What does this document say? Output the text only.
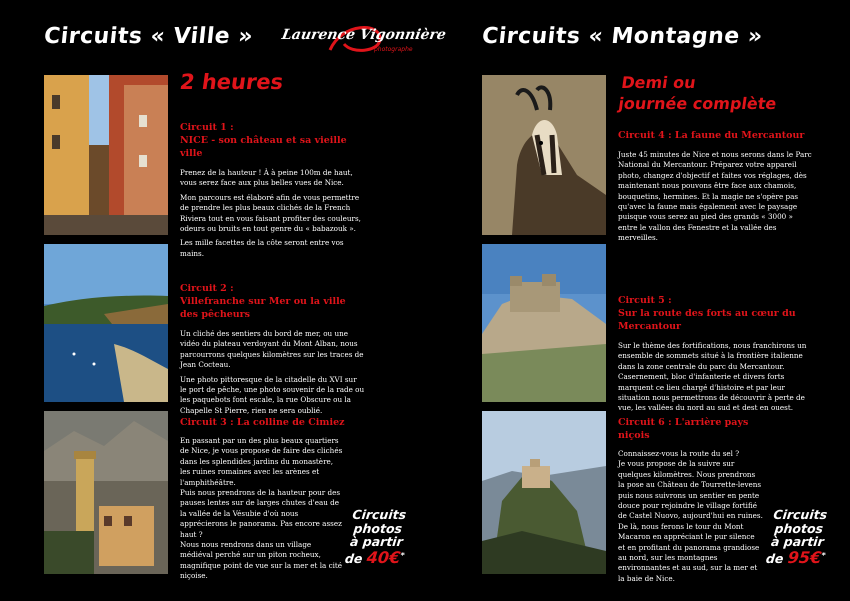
Circuits « Ville » Laurence Vigonnière
photographe
2 heures
Circuit 1 :
NICE - son château et sa vieille ville

Prenez de la hauteur ! À à peine 100m de haut, vous serez face aux plus belles vues de Nice.

Mon parcours est élaboré afin de vous permettre de prendre les plus beaux clichés de la French Riviera tout en vous faisant profiter des couleurs, odeurs ou bruits en tout genre du « babazouk ».

Les mille facettes de la côte seront entre vos mains.

Circuit 2 :
Villefranche sur Mer ou la ville des pêcheurs

Un cliché des sentiers du bord de mer, ou une vidéo du plateau verdoyant du Mont Alban, nous parcourrons quelques kilomètres sur les traces de Jean Cocteau.

Une photo pittoresque de la citadelle du XVI sur le port de pêche, une photo souvenir de la rade ou les paquebots font escale, la rue Obscure ou la Chapelle St Pierre, rien ne sera oublié.

Circuit 3 : La colline de Cimiez

En passant par un des plus beaux quartiers de Nice, je vous propose de faire des clichés dans les splendides jardins du monastère, les ruines romaines avec les arènes et l'amphithéâtre.

Puis nous prendrons de la hauteur pour des pauses lentes sur de larges chutes d'eau de la vallée de la Vésubie d'où nous apprécierons le panorama. Pas encore assez haut ?

Nous nous rendrons dans un village médiéval perché sur un piton rocheux, magnifique point de vue sur la mer et la cité niçoise.

Circuits
photos
à partir
de 40€*
Circuits « Montagne »
Demi ou
journée complète
Circuit 4 : La faune du Mercantour

Juste 45 minutes de Nice et nous serons dans le Parc National du Mercantour. Préparez votre appareil photo, changez d'objectif et faites vos réglages, dès maintenant nous pouvons être face aux chamois, bouquetins, hermines. Et la magie ne s'opère pas qu'avec la faune mais également avec le paysage puisque vous serez au pied des grands « 3000 » entre le vallon des Fenestre et la vallée des merveilles.

Circuit 5 :
Sur la route des forts au cœur du Mercantour

Sur le thème des fortifications, nous franchirons un ensemble de sommets situé à la frontière italienne dans la zone centrale du parc du Mercantour.

Casernement, bloc d'infanterie et divers forts marquent ce lieu chargé d'histoire et par leur situation nous permettrons de découvrir à perte de vue, les vallées du nord au sud et dest en ouest.

Circuit 6 : L'arrière pays niçois

Connaissez-vous la route du sel ?

Je vous propose de la suivre sur quelques kilomètres. Nous prendrons la pose au Château de Tourrette-levens puis nous suivrons un sentier en pente douce pour rejoindre le village fortifié de Castel Nuovo, aujourd'hui en ruines.

De là, nous ferons le tour du Mont Macaron en appréciant le pur silence et en profitant du panorama grandiose au nord, sur les montagnes environnantes et au sud, sur la mer et la baie de Nice.

Circuits
photos
à partir
de 95€*
